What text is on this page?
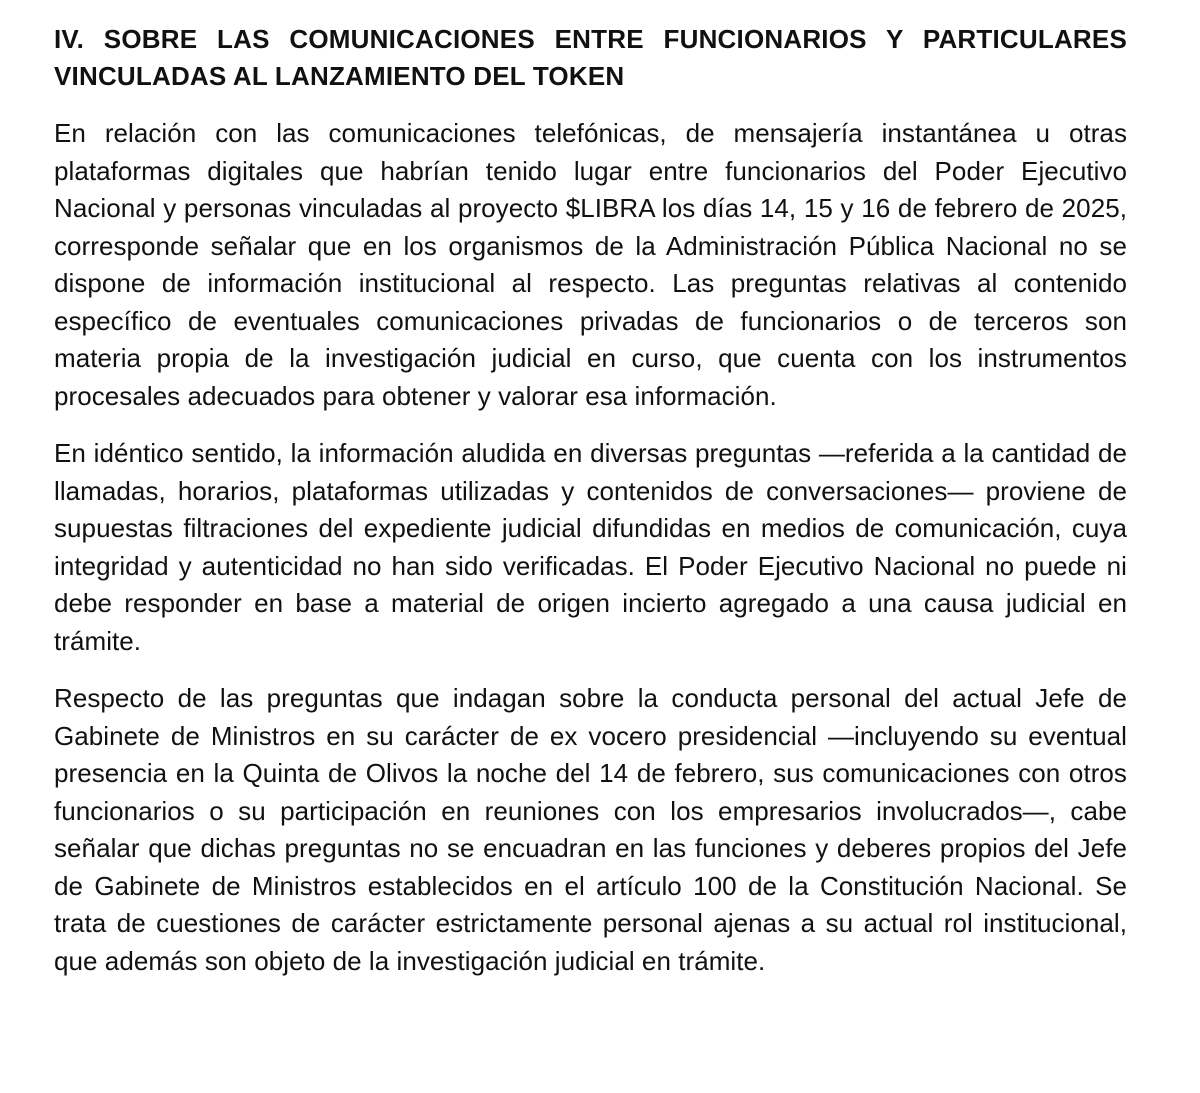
IV. SOBRE LAS COMUNICACIONES ENTRE FUNCIONARIOS Y PARTICULARES VINCULADAS AL LANZAMIENTO DEL TOKEN

En relación con las comunicaciones telefónicas, de mensajería instantánea u otras plataformas digitales que habrían tenido lugar entre funcionarios del Poder Ejecutivo Nacional y personas vinculadas al proyecto $LIBRA los días 14, 15 y 16 de febrero de 2025, corresponde señalar que en los organismos de la Administración Pública Nacional no se dispone de información institucional al respecto. Las preguntas relativas al contenido específico de eventuales comunicaciones privadas de funcionarios o de terceros son materia propia de la investigación judicial en curso, que cuenta con los instrumentos procesales adecuados para obtener y valorar esa información.

En idéntico sentido, la información aludida en diversas preguntas —referida a la cantidad de llamadas, horarios, plataformas utilizadas y contenidos de conversaciones— proviene de supuestas filtraciones del expediente judicial difundidas en medios de comunicación, cuya integridad y autenticidad no han sido verificadas. El Poder Ejecutivo Nacional no puede ni debe responder en base a material de origen incierto agregado a una causa judicial en trámite.

Respecto de las preguntas que indagan sobre la conducta personal del actual Jefe de Gabinete de Ministros en su carácter de ex vocero presidencial —incluyendo su eventual presencia en la Quinta de Olivos la noche del 14 de febrero, sus comunicaciones con otros funcionarios o su participación en reuniones con los empresarios involucrados—, cabe señalar que dichas preguntas no se encuadran en las funciones y deberes propios del Jefe de Gabinete de Ministros establecidos en el artículo 100 de la Constitución Nacional. Se trata de cuestiones de carácter estrictamente personal ajenas a su actual rol institucional, que además son objeto de la investigación judicial en trámite.
